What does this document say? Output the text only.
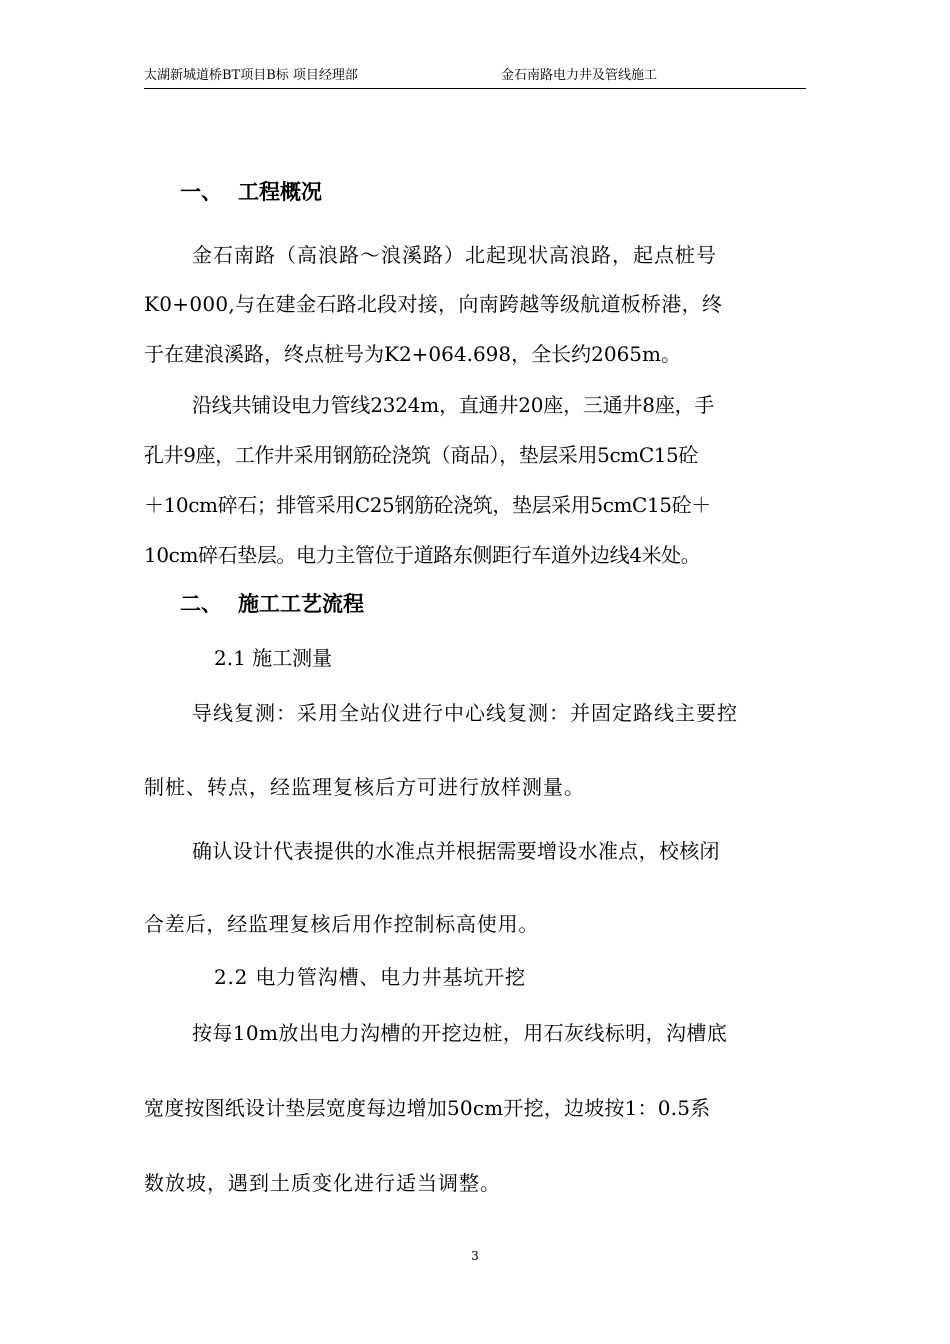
太湖新城道桥BT项目B标 项目经理部	金石南路电力井及管线施工
一、 工程概况
金石南路（高浪路～浪溪路）北起现状高浪路，起点桩号
K0+000,与在建金石路北段对接，向南跨越等级航道板桥港，终
于在建浪溪路，终点桩号为K2+064.698，全长约2065m。
沿线共铺设电力管线2324m，直通井20座，三通井8座，手
孔井9座，工作井采用钢筋砼浇筑（商品），垫层采用5cmC15砼
＋10cm碎石；排管采用C25钢筋砼浇筑，垫层采用5cmC15砼＋
10cm碎石垫层。电力主管位于道路东侧距行车道外边线4米处。
二、 施工工艺流程
2.1 施工测量
导线复测：采用全站仪进行中心线复测：并固定路线主要控
制桩、转点，经监理复核后方可进行放样测量。
确认设计代表提供的水准点并根据需要增设水准点，校核闭
合差后，经监理复核后用作控制标高使用。
2.2 电力管沟槽、电力井基坑开挖
按每10m放出电力沟槽的开挖边桩，用石灰线标明，沟槽底
宽度按图纸设计垫层宽度每边增加50cm开挖，边坡按1：0.5系
数放坡，遇到土质变化进行适当调整。
3
